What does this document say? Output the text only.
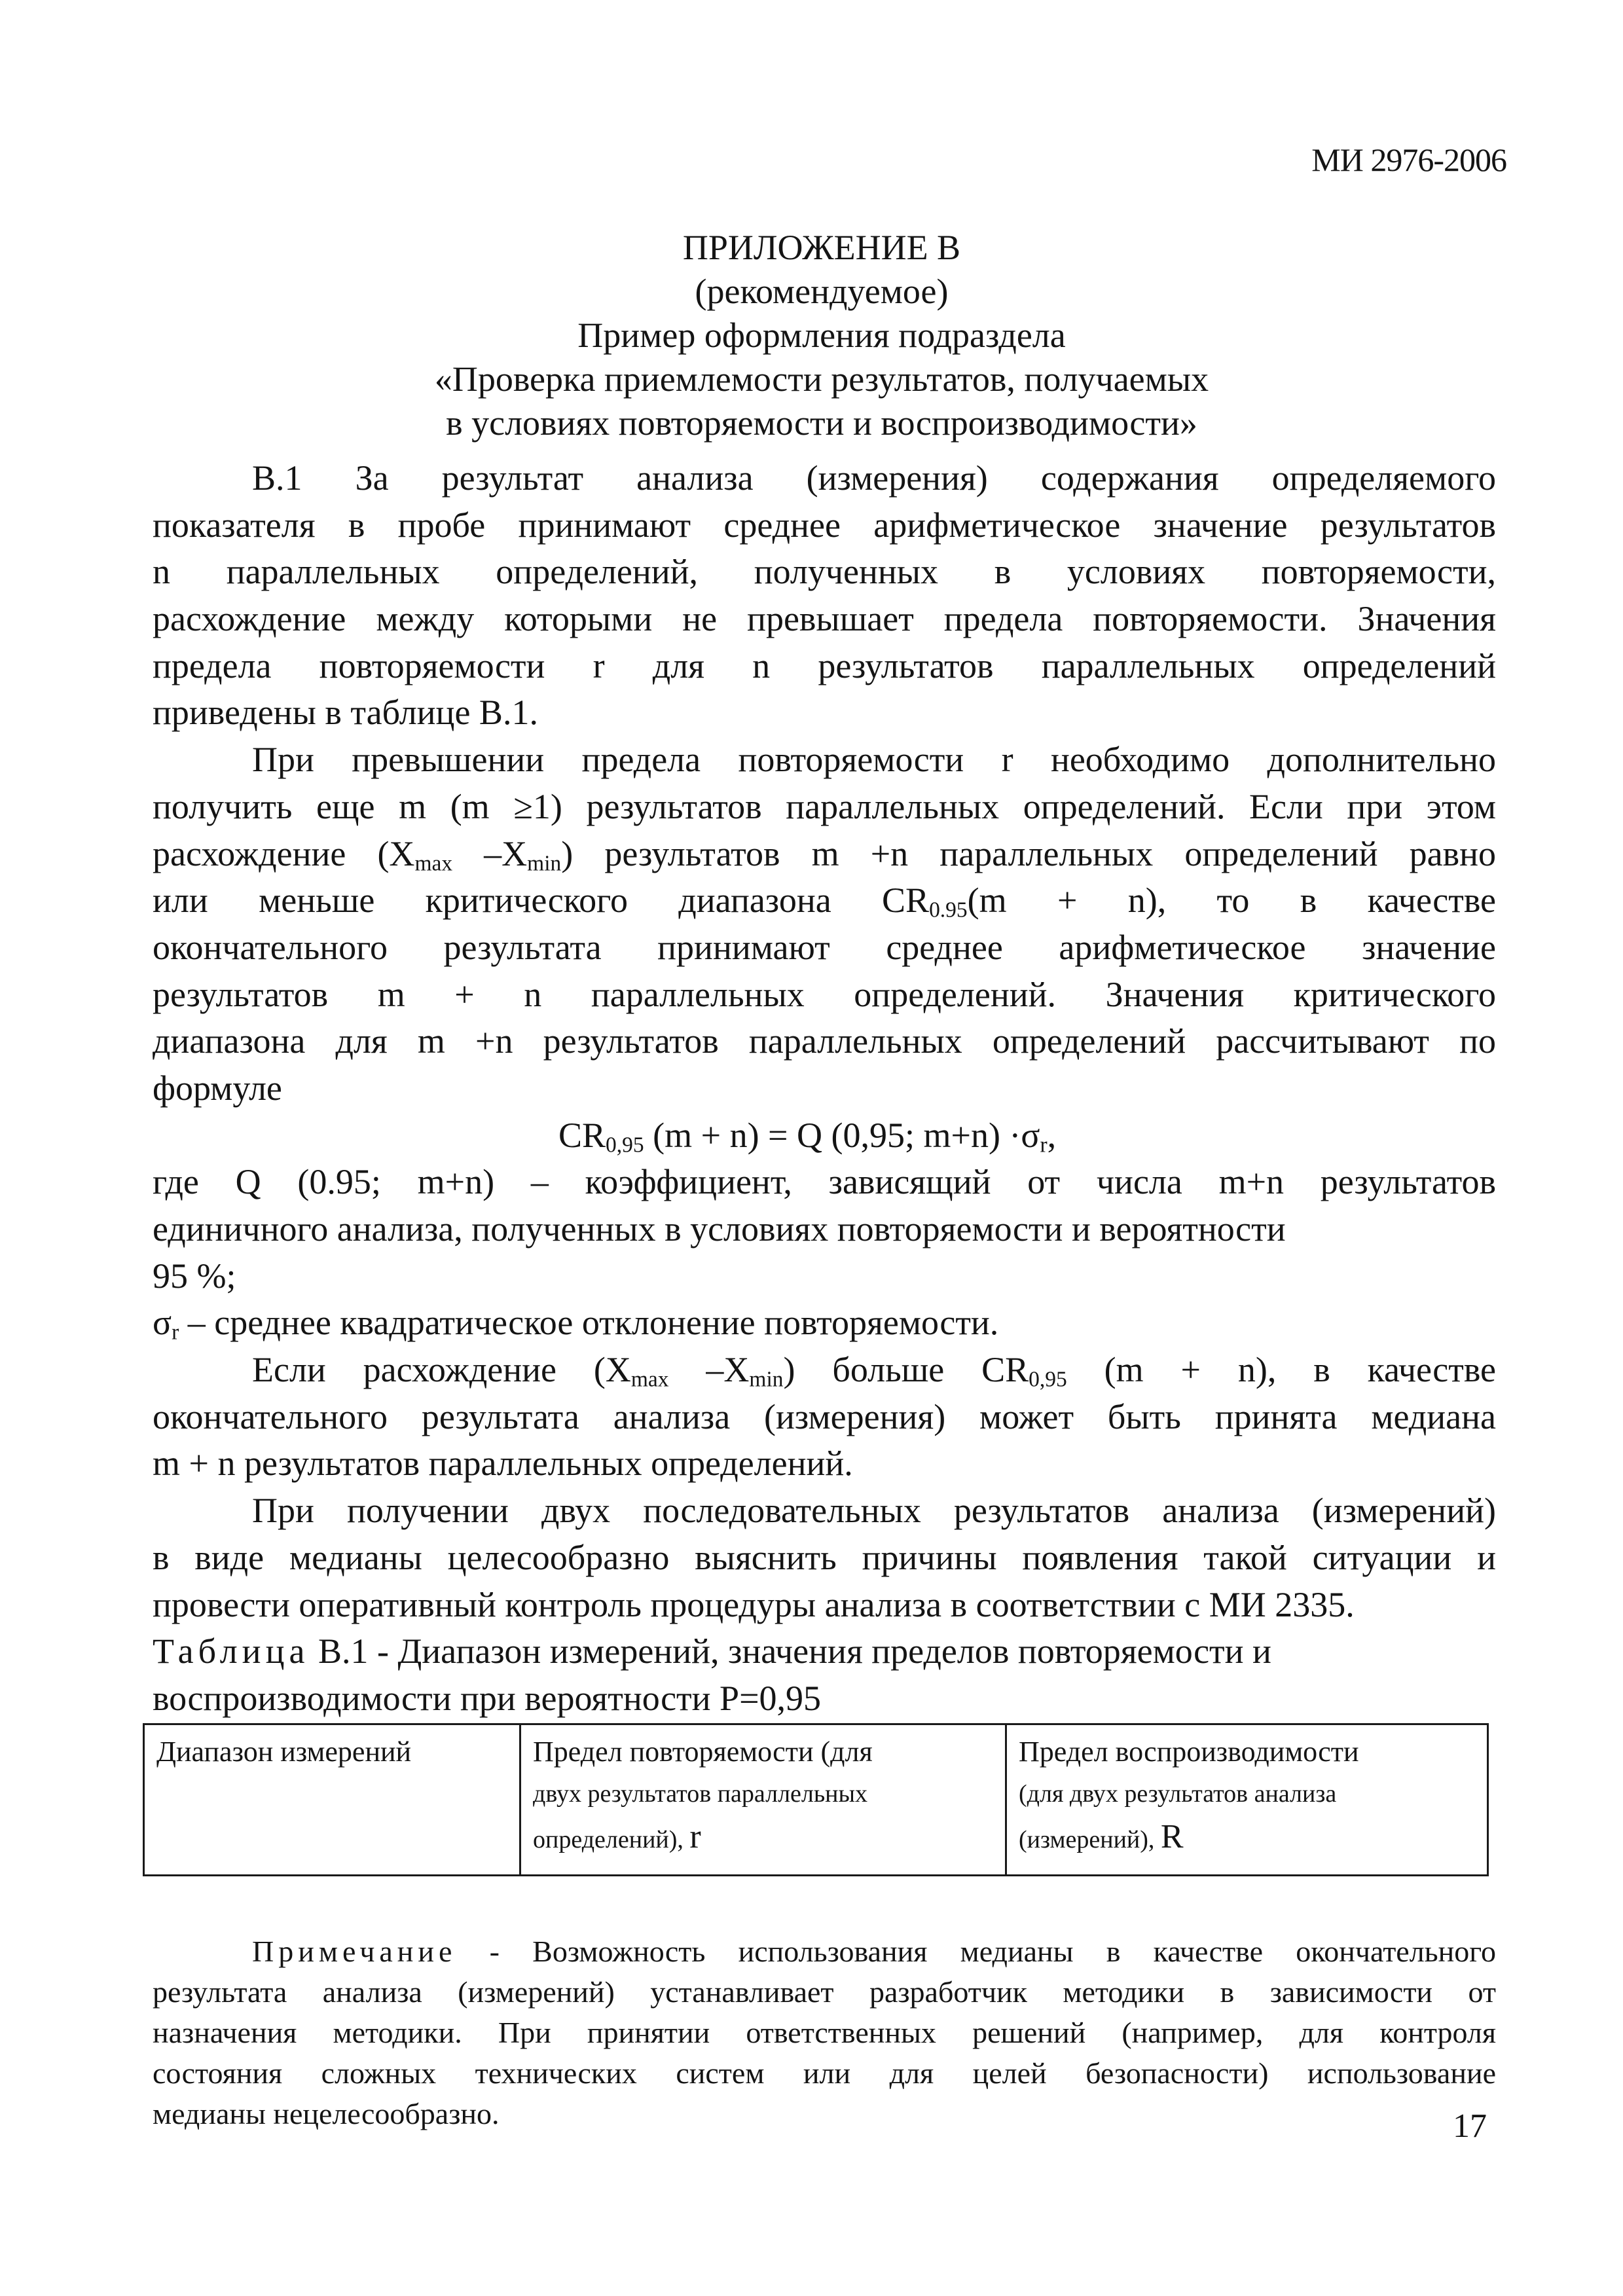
МИ 2976-2006
ПРИЛОЖЕНИЕ В
(рекомендуемое)
Пример оформления подраздела
«Проверка приемлемости результатов, получаемых
в условиях повторяемости и воспроизводимости»
В.1 За результат анализа (измерения) содержания определяемого
показателя в пробе принимают среднее арифметическое значение результатов
n параллельных определений, полученных в условиях повторяемости,
расхождение между которыми не превышает предела повторяемости. Значения
предела повторяемости r для n результатов параллельных определений
приведены в таблице В.1.
При превышении предела повторяемости r необходимо дополнительно
получить еще m (m ≥1) результатов параллельных определений. Если при этом
расхождение ($X_{max}$ $-X_{min}$) результатов m +n параллельных определений равно
или меньше критического диапазона $CR_{0.95}(m + n)$, то в качестве
окончательного результата принимают среднее арифметическое значение
результатов m + n параллельных определений. Значения критического
диапазона для m +n результатов параллельных определений рассчитывают по
формуле
$CR_{0,95}$ (m + n) = Q (0,95; $m+n) \cdot\sigma_r$,
где Q (0.95; m+n) – коэффициент, зависящий от числа m+n результатов
единичного анализа, полученных в условиях повторяемости и вероятности
95 %;
$\sigma_r$ – среднее квадратическое отклонение повторяемости.
Если расхождение ($X_{max}$ $-X_{min}$) больше $CR_{0,95}$ (m + n), в качестве
окончательного результата анализа (измерения) может быть принята медиана
m + n результатов параллельных определений.
При получении двух последовательных результатов анализа (измерений)
в виде медианы целесообразно выяснить причины появления такой ситуации и
провести оперативный контроль процедуры анализа в соответствии с МИ 2335.
Таблица В.1 - Диапазон измерений, значения пределов повторяемости и
воспроизводимости при вероятности P=0,95
Диапазон измерений	Предел повторяемости (для
двух результатов параллельных
определений), r
Предел воспроизводимости
(для двух результатов анализа
(измерений), R
Примечание - Возможность использования медианы в качестве окончательного
результата анализа (измерений) устанавливает разработчик методики в зависимости от
назначения методики. При принятии ответственных решений (например, для контроля
состояния сложных технических систем или для целей безопасности) использование
медианы нецелесообразно.	17
